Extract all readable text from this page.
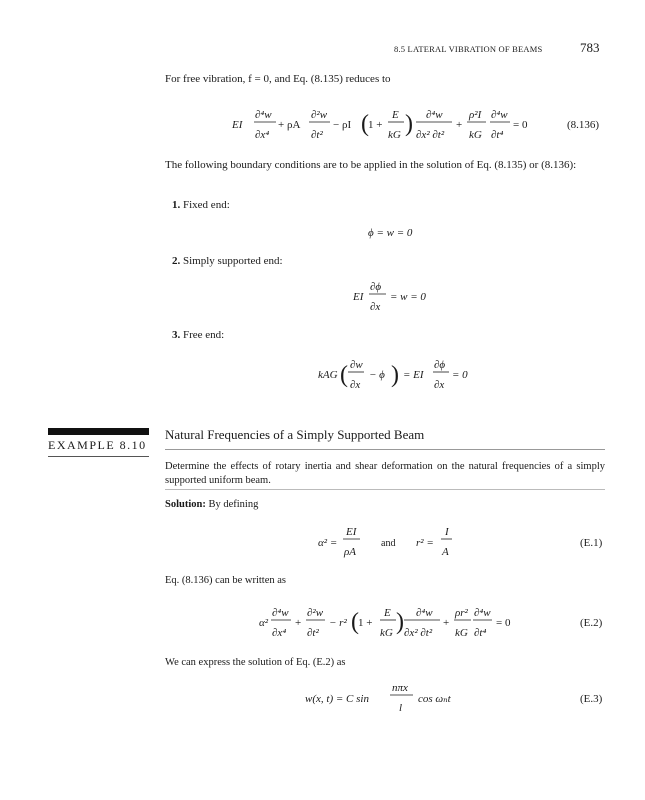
8.5 LATERAL VIBRATION OF BEAMS	783
For free vibration, f = 0, and Eq. (8.135) reduces to
EI
∂⁴w
∂x⁴
+ ρA
∂²w
∂t²
− ρI ( 1 +
E
kG ) ∂⁴w
∂x² ∂t²
+
ρ²I
kG
∂⁴w
∂t⁴
= 0	(8.136)
The following boundary conditions are to be applied in the solution of Eq. (8.135) or (8.136):
1. Fixed end:
ϕ = w = 0
2. Simply supported end:
EI
∂ϕ
∂x
= w = 0
3. Free end:
kAG ( ∂w
∂x
− ϕ ) = EI
∂ϕ
∂x
= 0
EXAMPLE 8.10
Natural Frequencies of a Simply Supported Beam
Determine the effects of rotary inertia and shear deformation on the natural frequencies of a simply supported uniform beam.
Solution: By defining
α² =
EI
ρA
and r² =
I
A
(E.1)
Eq. (8.136) can be written as
α²
∂⁴w
∂x⁴
+
∂²w
∂t²
− r² ( 1 +
E
kG ) ∂⁴w
∂x² ∂t²
+
ρr²
kG
∂⁴w
∂t⁴
= 0	(E.2)
We can express the solution of Eq. (E.2) as
w(x, t) = C sin
nπx
l
cos ωₙt	(E.3)
